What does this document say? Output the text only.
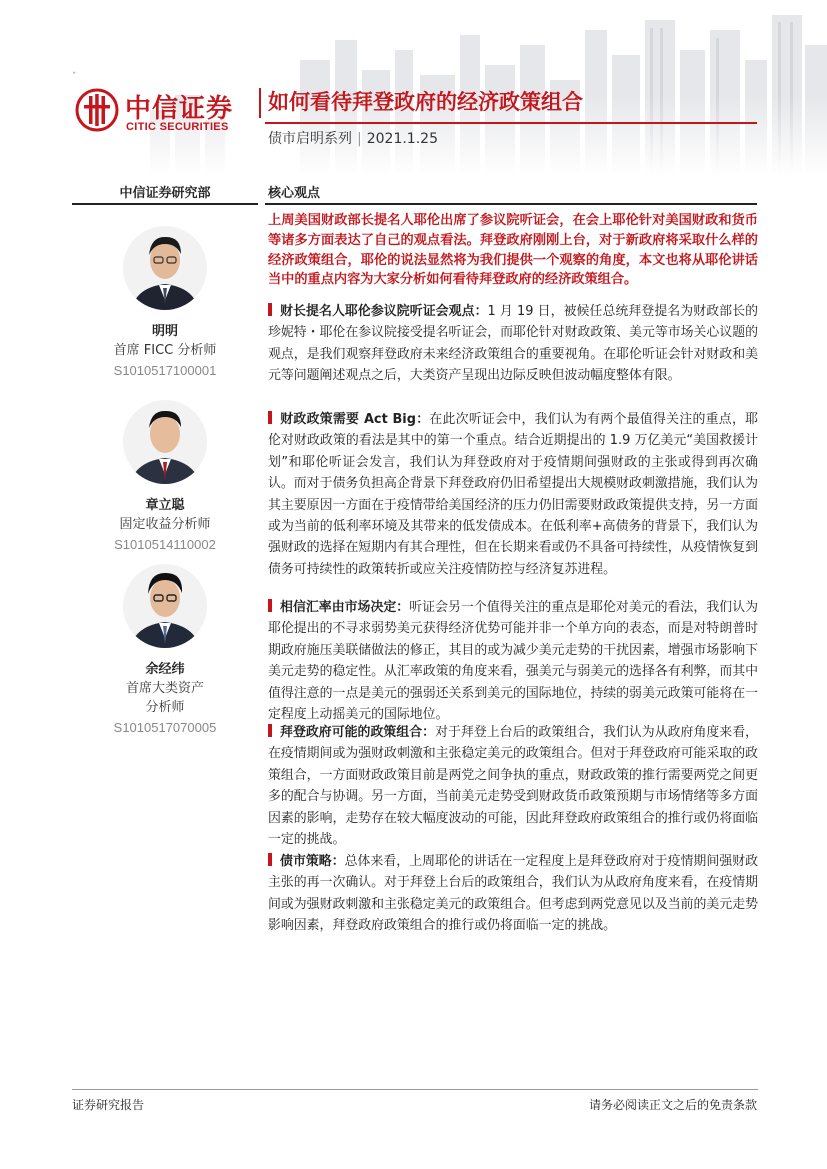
ˇ
中信证券
CITIC SECURITIES
如何看待拜登政府的经济政策组合
债市启明系列 | 2021.1.25
中信证券研究部
明明
首席 FICC 分析师
S1010517100001
章立聪
固定收益分析师
S1010514110002
余经纬
首席大类资产
分析师
S1010517070005
核心观点
上周美国财政部长提名人耶伦出席了参议院听证会，在会上耶伦针对美国财政和货币等诸多方面表达了自己的观点看法。拜登政府刚刚上台，对于新政府将采取什么样的经济政策组合，耶伦的说法显然将为我们提供一个观察的角度，本文也将从耶伦讲话当中的重点内容为大家分析如何看待拜登政府的经济政策组合。
财长提名人耶伦参议院听证会观点：1 月 19 日，被候任总统拜登提名为财政部长的珍妮特・耶伦在参议院接受提名听证会，而耶伦针对财政政策、美元等市场关心议题的观点，是我们观察拜登政府未来经济政策组合的重要视角。在耶伦听证会针对财政和美元等问题阐述观点之后，大类资产呈现出边际反映但波动幅度整体有限。
财政政策需要 Act Big：在此次听证会中，我们认为有两个最值得关注的重点，耶伦对财政政策的看法是其中的第一个重点。结合近期提出的 1.9 万亿美元“美国救援计划”和耶伦听证会发言，我们认为拜登政府对于疫情期间强财政的主张或得到再次确认。而对于债务负担高企背景下拜登政府仍旧希望提出大规模财政刺激措施，我们认为其主要原因一方面在于疫情带给美国经济的压力仍旧需要财政政策提供支持，另一方面或为当前的低利率环境及其带来的低发债成本。在低利率+高债务的背景下，我们认为强财政的选择在短期内有其合理性，但在长期来看或仍不具备可持续性，从疫情恢复到债务可持续性的政策转折或应关注疫情防控与经济复苏进程。
相信汇率由市场决定：听证会另一个值得关注的重点是耶伦对美元的看法，我们认为耶伦提出的不寻求弱势美元获得经济优势可能并非一个单方向的表态，而是对特朗普时期政府施压美联储做法的修正，其目的或为减少美元走势的干扰因素，增强市场影响下美元走势的稳定性。从汇率政策的角度来看，强美元与弱美元的选择各有利弊，而其中值得注意的一点是美元的强弱还关系到美元的国际地位，持续的弱美元政策可能将在一定程度上动摇美元的国际地位。
拜登政府可能的政策组合：对于拜登上台后的政策组合，我们认为从政府角度来看，在疫情期间或为强财政刺激和主张稳定美元的政策组合。但对于拜登政府可能采取的政策组合，一方面财政政策目前是两党之间争执的重点，财政政策的推行需要两党之间更多的配合与协调。另一方面，当前美元走势受到财政货币政策预期与市场情绪等多方面因素的影响，走势存在较大幅度波动的可能，因此拜登政府政策组合的推行或仍将面临一定的挑战。
债市策略：总体来看，上周耶伦的讲话在一定程度上是拜登政府对于疫情期间强财政主张的再一次确认。对于拜登上台后的政策组合，我们认为从政府角度来看，在疫情期间或为强财政刺激和主张稳定美元的政策组合。但考虑到两党意见以及当前的美元走势影响因素，拜登政府政策组合的推行或仍将面临一定的挑战。
证券研究报告	请务必阅读正文之后的免责条款
